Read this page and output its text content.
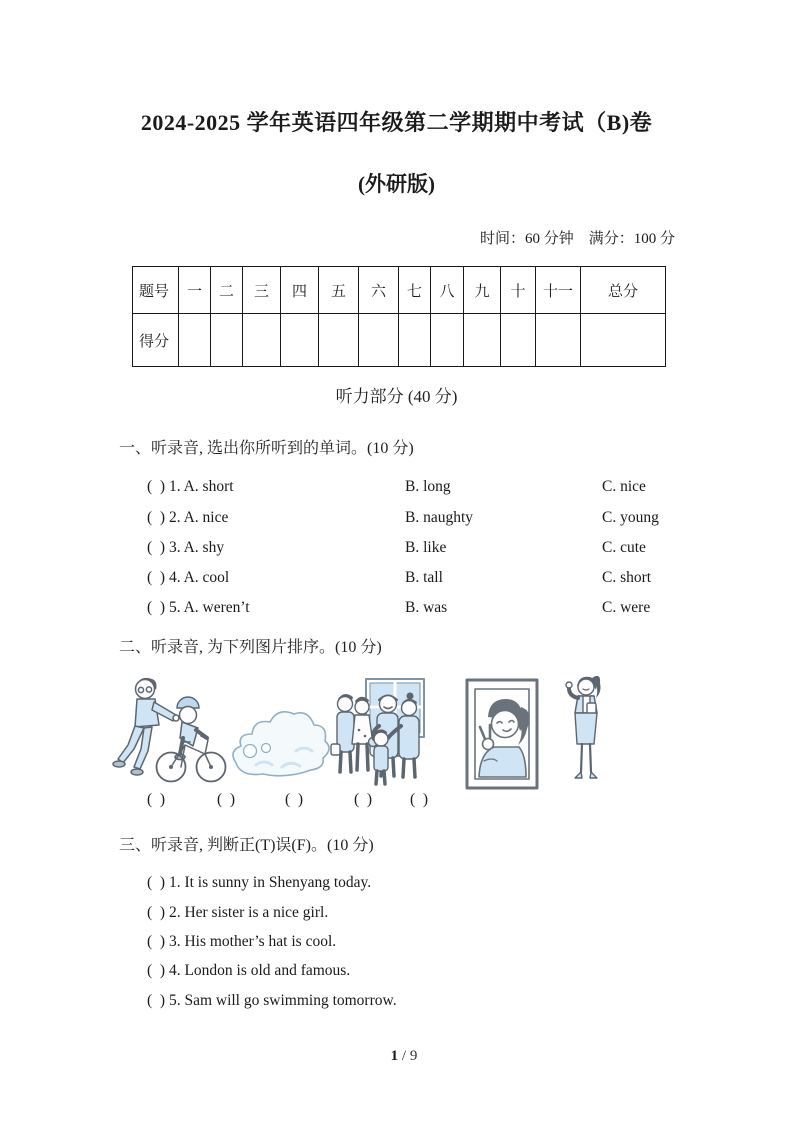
2024-2025 学年英语四年级第二学期期中考试（B)卷
(外研版)
时间：60 分钟　满分：100 分
题号	一	二	三	四	五	六	七	八	九	十	十一	总分
得分												
听力部分 (40 分)
一、听录音, 选出你所听到的单词。(10 分)
(  ) 1. A. short	B. long	C. nice
(  ) 2. A. nice	B. naughty	C. young
(  ) 3. A. shy	B. like	C. cute
(  ) 4. A. cool	B. tall	C. short
(  ) 5. A. weren’t	B. was	C. were
二、听录音, 为下列图片排序。(10 分)
(  )	(  )	(  )	(  ) (  )
三、听录音, 判断正(T)误(F)。(10 分)
(  ) 1. It is sunny in Shenyang today.
(  ) 2. Her sister is a nice girl.
(  ) 3. His mother’s hat is cool.
(  ) 4. London is old and famous.
(  ) 5. Sam will go swimming tomorrow.

1 / 9
